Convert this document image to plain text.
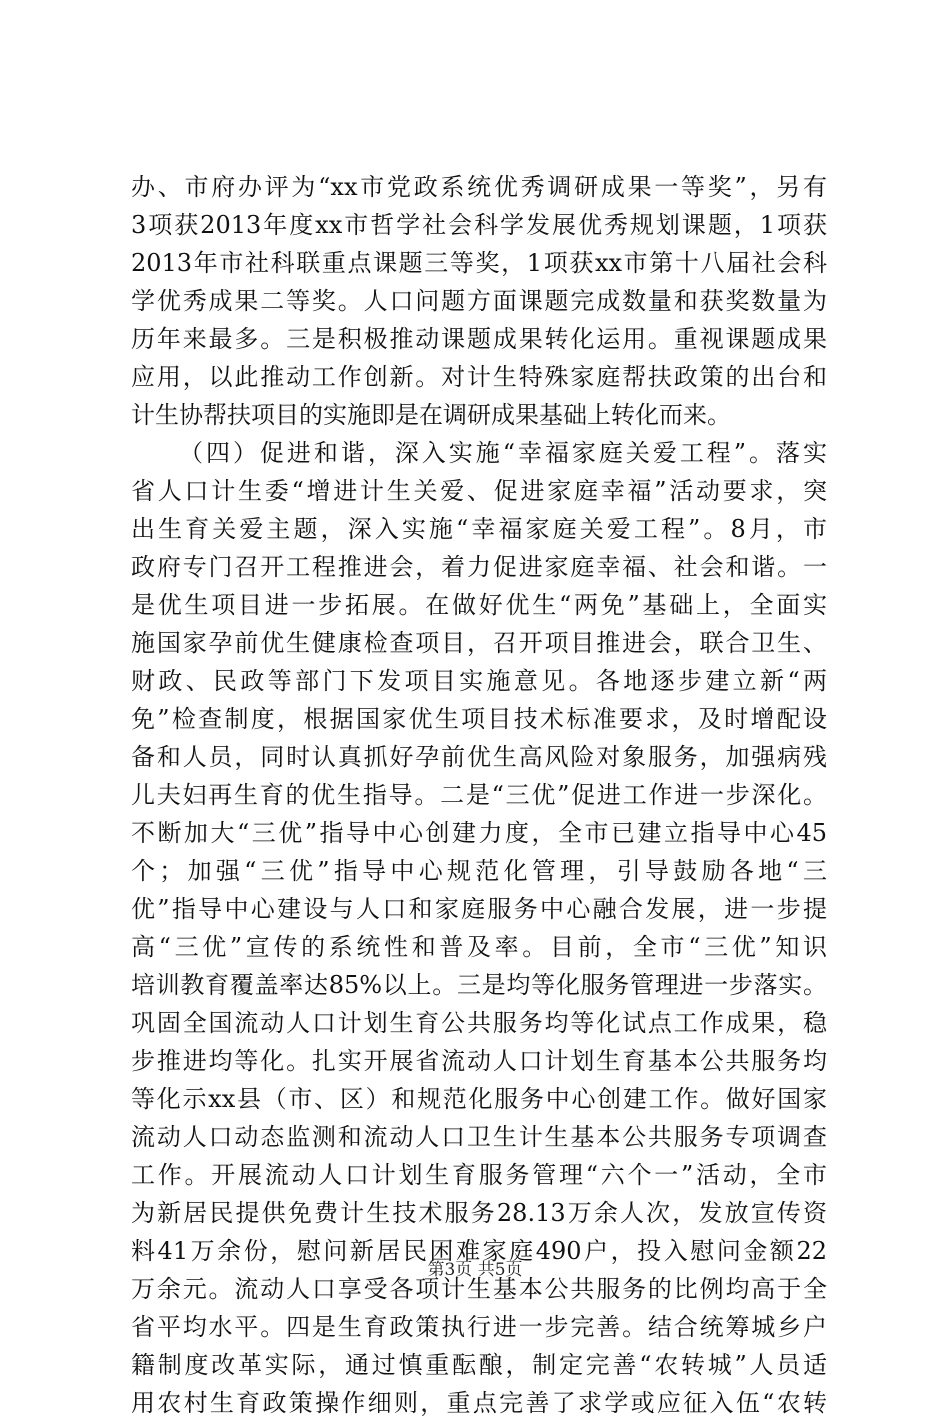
办、市府办评为“xx市党政系统优秀调研成果一等奖”，另有
3项获2013年度xx市哲学社会科学发展优秀规划课题，1项获
2013年市社科联重点课题三等奖，1项获xx市第十八届社会科
学优秀成果二等奖。人口问题方面课题完成数量和获奖数量为
历年来最多。三是积极推动课题成果转化运用。重视课题成果
应用，以此推动工作创新。对计生特殊家庭帮扶政策的出台和
计生协帮扶项目的实施即是在调研成果基础上转化而来。
（四）促进和谐，深入实施“幸福家庭关爱工程”。落实
省人口计生委“增进计生关爱、促进家庭幸福”活动要求，突
出生育关爱主题，深入实施“幸福家庭关爱工程”。8月，市
政府专门召开工程推进会，着力促进家庭幸福、社会和谐。一
是优生项目进一步拓展。在做好优生“两免”基础上，全面实
施国家孕前优生健康检查项目，召开项目推进会，联合卫生、
财政、民政等部门下发项目实施意见。各地逐步建立新“两
免”检查制度，根据国家优生项目技术标准要求，及时增配设
备和人员，同时认真抓好孕前优生高风险对象服务，加强病残
儿夫妇再生育的优生指导。二是“三优”促进工作进一步深化。
不断加大“三优”指导中心创建力度，全市已建立指导中心45
个；加强“三优”指导中心规范化管理，引导鼓励各地“三
优”指导中心建设与人口和家庭服务中心融合发展，进一步提
高“三优”宣传的系统性和普及率。目前，全市“三优”知识
培训教育覆盖率达85%以上。三是均等化服务管理进一步落实。
巩固全国流动人口计划生育公共服务均等化试点工作成果，稳
步推进均等化。扎实开展省流动人口计划生育基本公共服务均
等化示xx县（市、区）和规范化服务中心创建工作。做好国家
流动人口动态监测和流动人口卫生计生基本公共服务专项调查
工作。开展流动人口计划生育服务管理“六个一”活动，全市
为新居民提供免费计生技术服务28.13万余人次，发放宣传资
料41万余份，慰问新居民困难家庭490户，投入慰问金额22
万余元。流动人口享受各项计生基本公共服务的比例均高于全
省平均水平。四是生育政策执行进一步完善。结合统筹城乡户
籍制度改革实际，通过慎重酝酿，制定完善“农转城”人员适
用农村生育政策操作细则，重点完善了求学或应征入伍“农转
第3页 共5页
